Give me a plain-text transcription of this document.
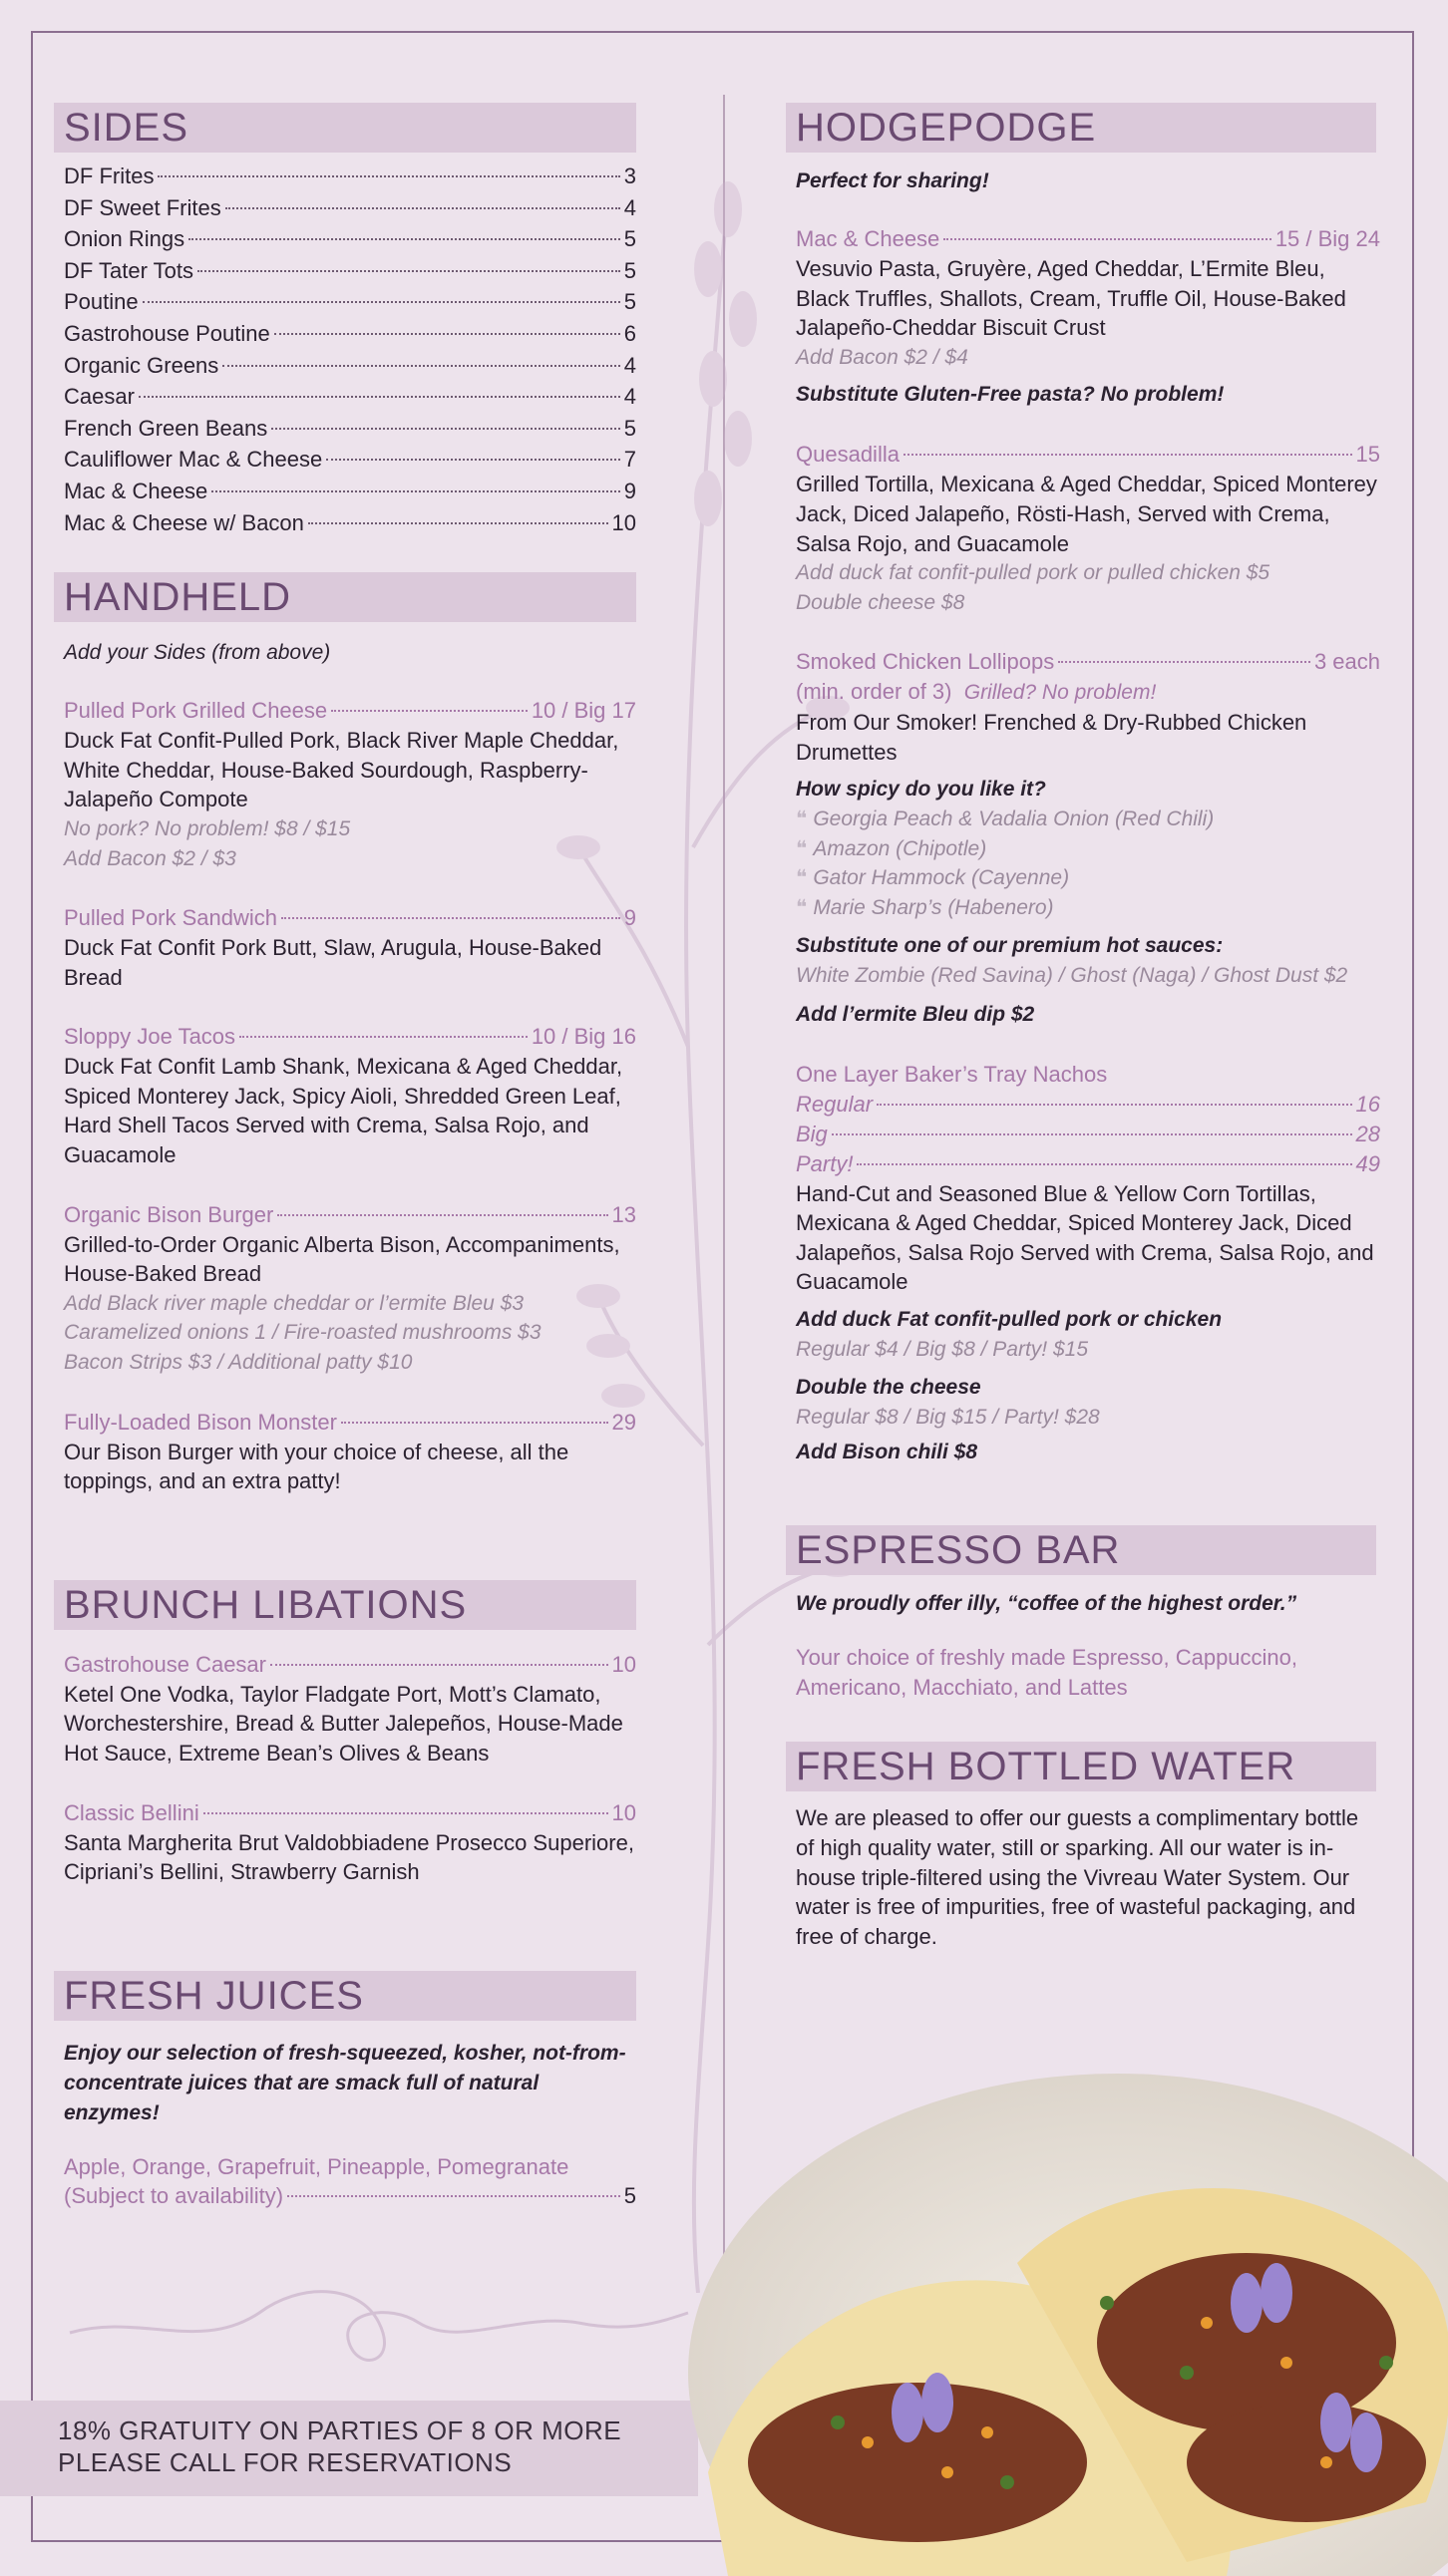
SIDES
DF Frites	3
DF Sweet Frites	4
Onion Rings	5
DF Tater Tots	5
Poutine	5
Gastrohouse Poutine	6
Organic Greens	4
Caesar	4
French Green Beans	5
Cauliflower Mac & Cheese	7
Mac & Cheese	9
Mac & Cheese w/ Bacon	10
HANDHELD
Add your Sides (from above)
Pulled Pork Grilled Cheese	10 / Big 17
Duck Fat Confit-Pulled Pork, Black River Maple Cheddar, White Cheddar, House-Baked Sourdough, Raspberry-Jalapeño Compote
No pork? No problem! $8 / $15
Add Bacon $2 / $3
Pulled Pork Sandwich	9
Duck Fat Confit Pork Butt, Slaw, Arugula, House-Baked Bread
Sloppy Joe Tacos	10 / Big 16
Duck Fat Confit Lamb Shank, Mexicana & Aged Cheddar, Spiced Monterey Jack, Spicy Aioli, Shredded Green Leaf, Hard Shell Tacos Served with Crema, Salsa Rojo, and Guacamole
Organic Bison Burger	13
Grilled-to-Order Organic Alberta Bison, Accompaniments, House-Baked Bread
Add Black river maple cheddar or l’ermite Bleu $3
Caramelized onions 1 / Fire-roasted mushrooms $3
Bacon Strips $3 / Additional patty $10
Fully-Loaded Bison Monster	29
Our Bison Burger with your choice of cheese, all the toppings, and an extra patty!
BRUNCH LIBATIONS
Gastrohouse Caesar	10
Ketel One Vodka, Taylor Fladgate Port, Mott’s Clamato, Worchestershire, Bread & Butter Jalepeños, House-Made Hot Sauce, Extreme Bean’s Olives & Beans
Classic Bellini	10
Santa Margherita Brut Valdobbiadene Prosecco Superiore, Cipriani’s Bellini, Strawberry Garnish
FRESH JUICES
Enjoy our selection of fresh-squeezed, kosher, not-from-concentrate juices that are smack full of natural enzymes!
Apple, Orange, Grapefruit, Pineapple, Pomegranate
(Subject to availability)	5
HODGEPODGE
Perfect for sharing!
Mac & Cheese	15 / Big 24
Vesuvio Pasta, Gruyère, Aged Cheddar, L’Ermite Bleu, Black Truffles, Shallots, Cream, Truffle Oil, House-Baked Jalapeño-Cheddar Biscuit Crust
Add Bacon $2 / $4
Substitute Gluten-Free pasta? No problem!
Quesadilla	15
Grilled Tortilla, Mexicana & Aged Cheddar, Spiced Monterey Jack, Diced Jalapeño, Rösti-Hash, Served with Crema, Salsa Rojo, and Guacamole
Add duck fat confit-pulled pork or pulled chicken $5
Double cheese $8
Smoked Chicken Lollipops	3 each
(min. order of 3) Grilled? No problem!
From Our Smoker! Frenched & Dry-Rubbed Chicken Drumettes
How spicy do you like it?
❝ Georgia Peach & Vadalia Onion (Red Chili)
❝ Amazon (Chipotle)
❝ Gator Hammock (Cayenne)
❝ Marie Sharp’s (Habenero)
Substitute one of our premium hot sauces:
White Zombie (Red Savina) / Ghost (Naga) / Ghost Dust $2
Add l’ermite Bleu dip $2
One Layer Baker’s Tray Nachos
Regular	16
Big	28
Party!	49
Hand-Cut and Seasoned Blue & Yellow Corn Tortillas, Mexicana & Aged Cheddar, Spiced Monterey Jack, Diced Jalapeños, Salsa Rojo Served with Crema, Salsa Rojo, and Guacamole
Add duck Fat confit-pulled pork or chicken
Regular $4 / Big $8 / Party! $15
Double the cheese
Regular $8 / Big $15 / Party! $28
Add Bison chili $8
ESPRESSO BAR
We proudly offer illy, “coffee of the highest order.”
Your choice of freshly made Espresso, Cappuccino, Americano, Macchiato, and Lattes
FRESH BOTTLED WATER
We are pleased to offer our guests a complimentary bottle of high quality water, still or sparking. All our water is in-house triple-filtered using the Vivreau Water System. Our water is free of impurities, free of wasteful packaging, and free of charge.
18% GRATUITY ON PARTIES OF 8 OR MORE
PLEASE CALL FOR RESERVATIONS
